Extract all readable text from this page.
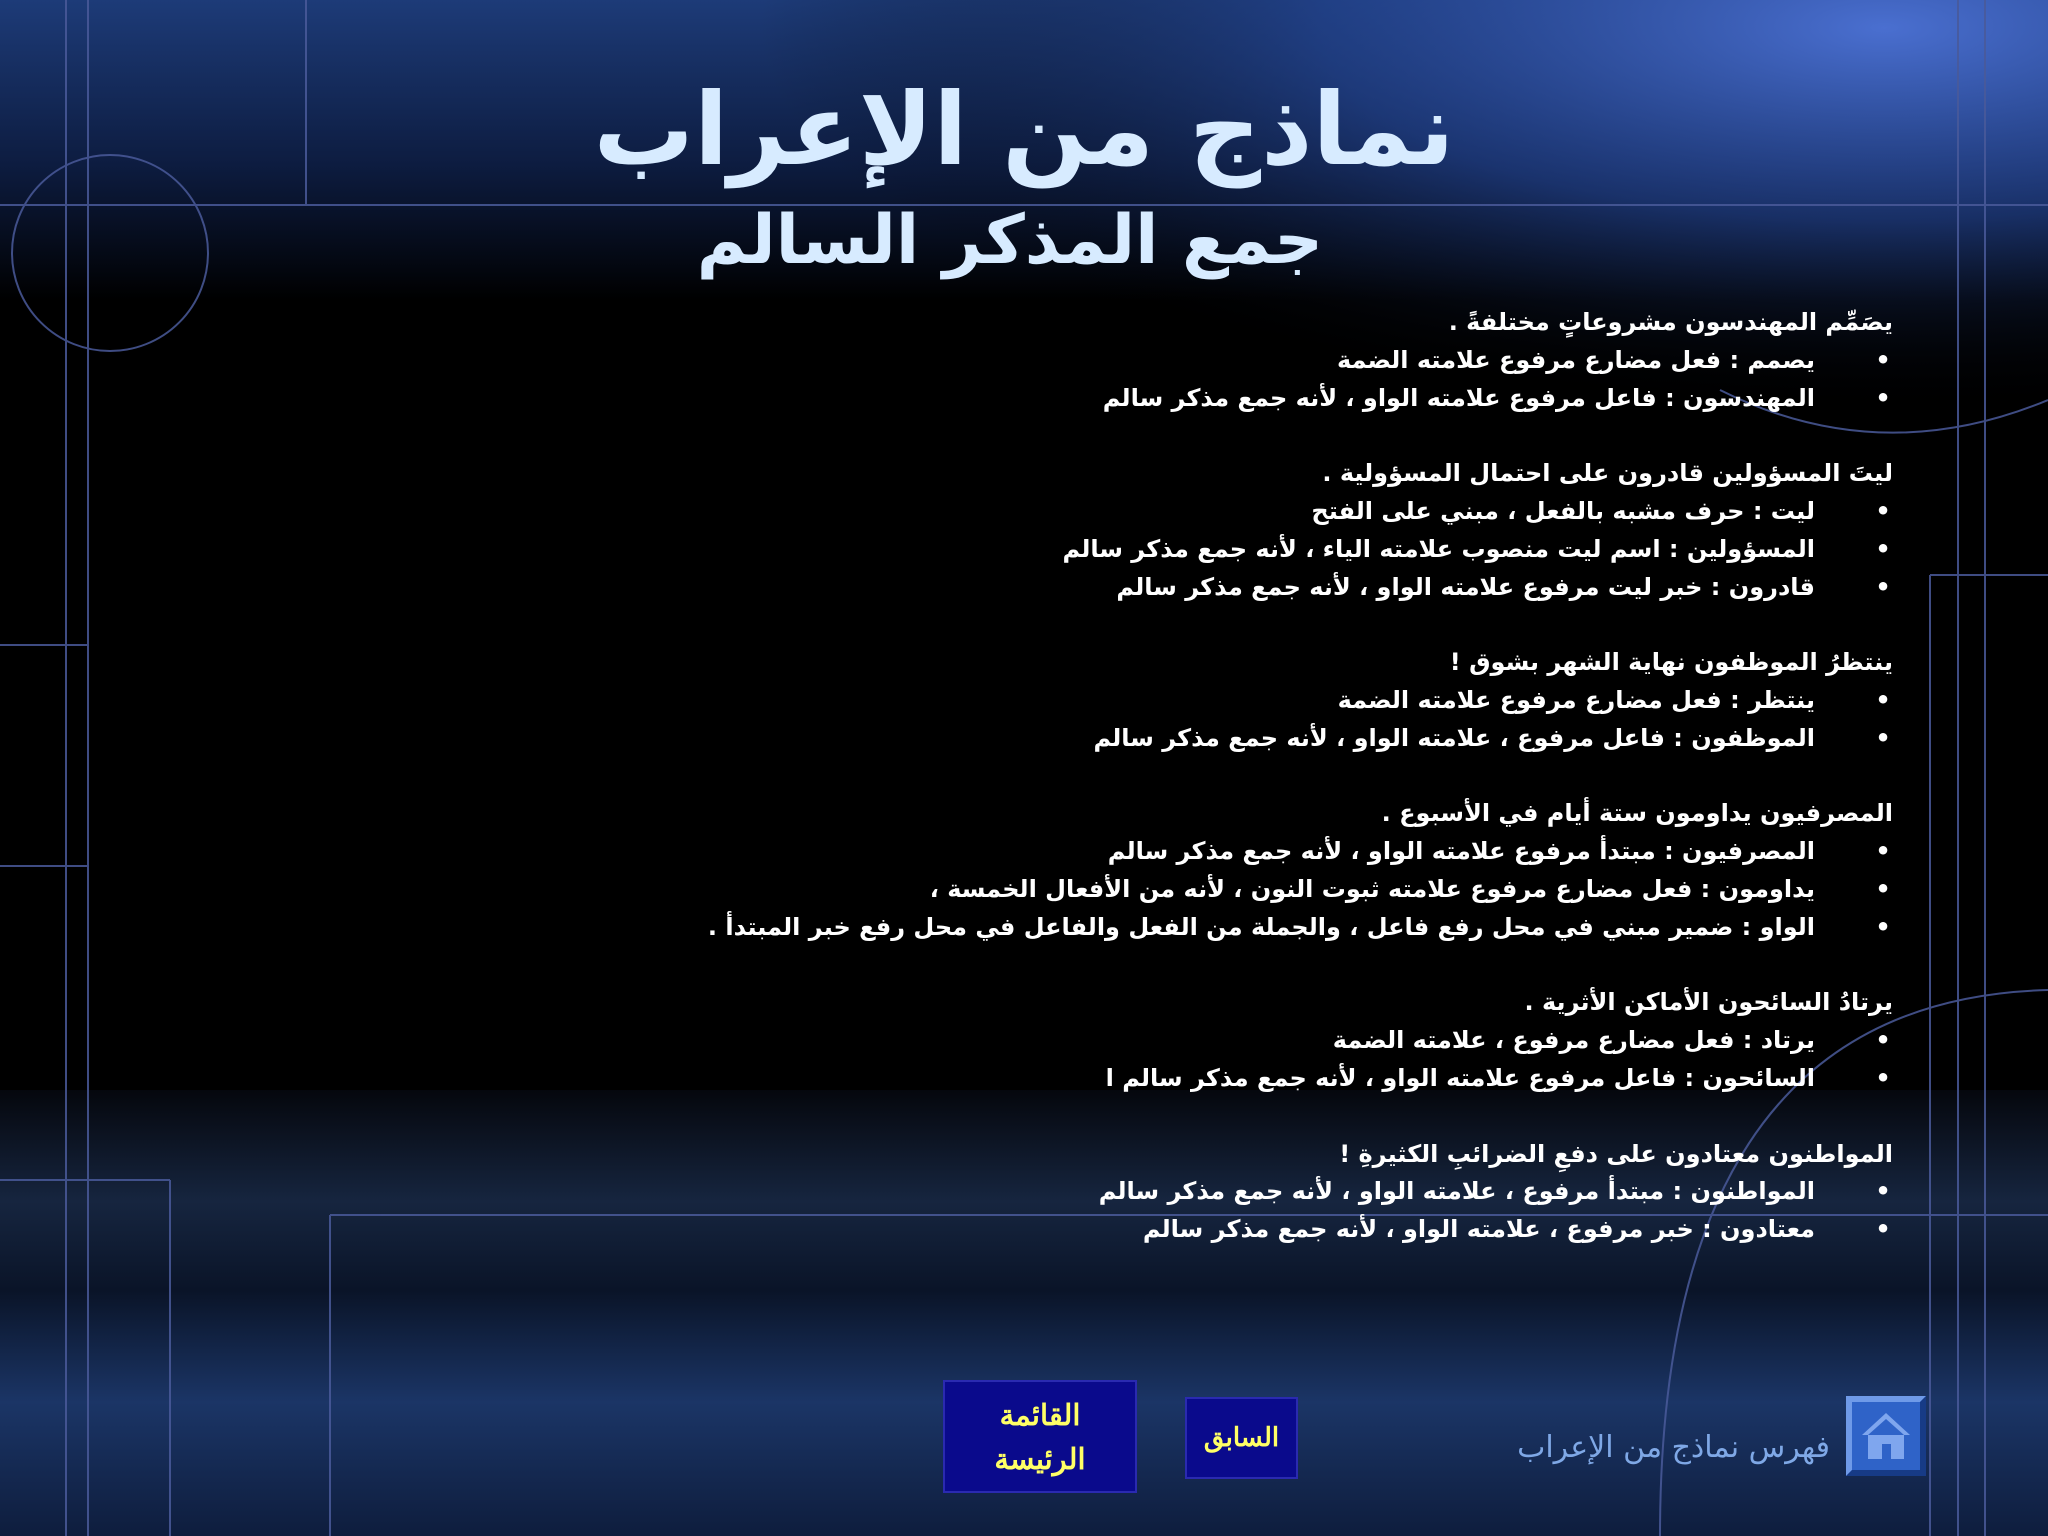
نماذج من الإعراب
جمع المذكر السالم
يصَمِّم المهندسون مشروعاتٍ مختلفةً .
•
يصمم : فعل مضارع مرفوع علامته الضمة
•
المهندسون : فاعل مرفوع علامته الواو ، لأنه جمع مذكر سالم
ليتَ المسؤولين قادرون على احتمال المسؤولية .
•
ليت : حرف مشبه بالفعل ، مبني على الفتح
•
المسؤولين : اسم ليت منصوب علامته الياء ، لأنه جمع مذكر سالم
•
قادرون : خبر ليت مرفوع علامته الواو ، لأنه جمع مذكر سالم
ينتظرُ الموظفون نهاية الشهر بشوق !
•
ينتظر : فعل مضارع مرفوع علامته الضمة
•
الموظفون : فاعل مرفوع ، علامته الواو ، لأنه جمع مذكر سالم
المصرفيون يداومون ستة أيام في الأسبوع .
•
المصرفيون : مبتدأ مرفوع علامته الواو ، لأنه جمع مذكر سالم
•
يداومون : فعل مضارع مرفوع علامته ثبوت النون ، لأنه من الأفعال الخمسة ،
•
الواو : ضمير مبني في محل رفع فاعل ، والجملة من الفعل والفاعل في محل رفع خبر المبتدأ .
يرتادُ السائحون الأماكن الأثرية .
•
يرتاد : فعل مضارع مرفوع ، علامته الضمة
•
السائحون : فاعل مرفوع علامته الواو ، لأنه جمع مذكر سالم ا
المواطنون معتادون على دفعِ الضرائبِ الكثيرةِ !
•
المواطنون : مبتدأ مرفوع ، علامته الواو ، لأنه جمع مذكر سالم
•
معتادون : خبر مرفوع ، علامته الواو ، لأنه جمع مذكر سالم
القائمة
الرئيسة
السابق	فهرس نماذج من الإعراب
